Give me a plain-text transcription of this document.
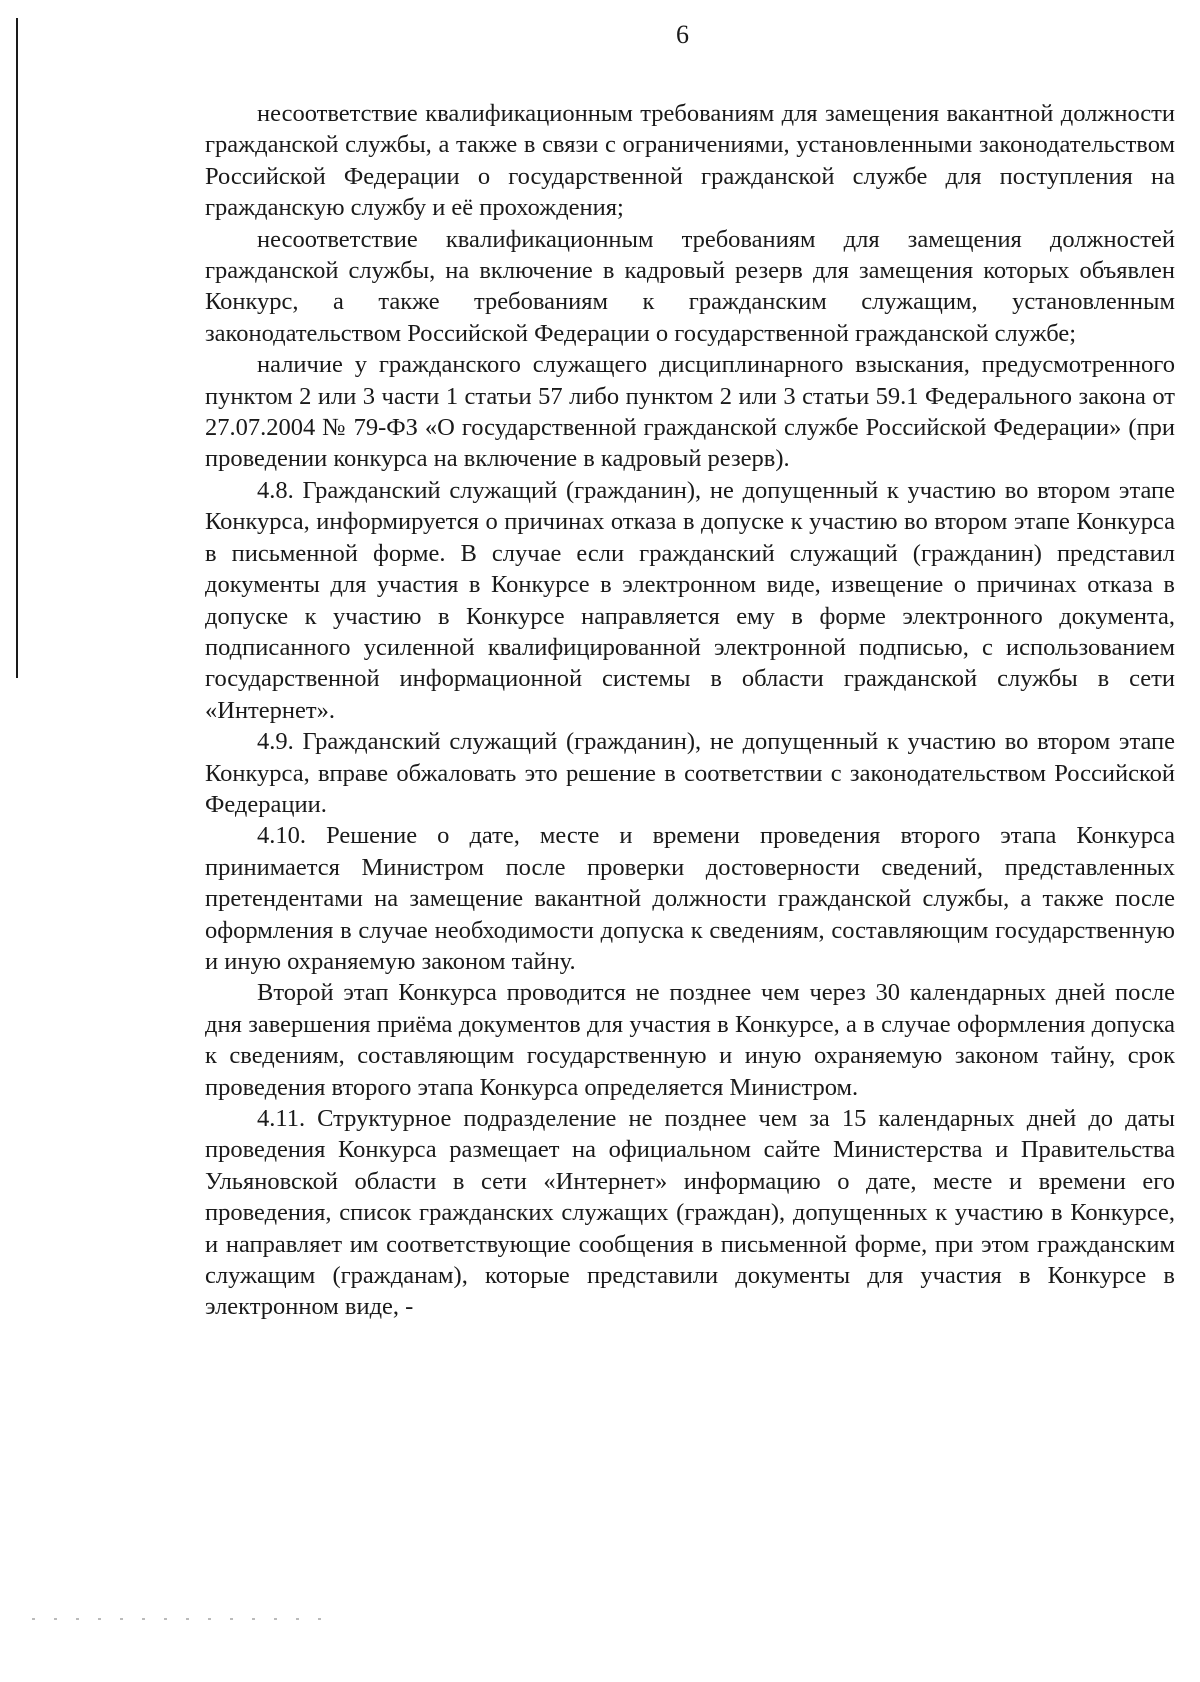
6

несоответствие квалификационным требованиям для замещения вакантной должности гражданской службы, а также в связи с ограничениями, установленными законодательством Российской Федерации о государственной гражданской службе для поступления на гражданскую службу и её прохождения;

несоответствие квалификационным требованиям для замещения должностей гражданской службы, на включение в кадровый резерв для замещения которых объявлен Конкурс, а также требованиям к гражданским служащим, установленным законодательством Российской Федерации о государственной гражданской службе;

наличие у гражданского служащего дисциплинарного взыскания, предусмотренного пунктом 2 или 3 части 1 статьи 57 либо пунктом 2 или 3 статьи 59.1 Федерального закона от 27.07.2004 № 79-ФЗ «О государственной гражданской службе Российской Федерации» (при проведении конкурса на включение в кадровый резерв).

4.8. Гражданский служащий (гражданин), не допущенный к участию во втором этапе Конкурса, информируется о причинах отказа в допуске к участию во втором этапе Конкурса в письменной форме. В случае если гражданский служащий (гражданин) представил документы для участия в Конкурсе в электронном виде, извещение о причинах отказа в допуске к участию в Конкурсе направляется ему в форме электронного документа, подписанного усиленной квалифицированной электронной подписью, с использованием государственной информационной системы в области гражданской службы в сети «Интернет».

4.9. Гражданский служащий (гражданин), не допущенный к участию во втором этапе Конкурса, вправе обжаловать это решение в соответствии с законодательством Российской Федерации.

4.10. Решение о дате, месте и времени проведения второго этапа Конкурса принимается Министром после проверки достоверности сведений, представленных претендентами на замещение вакантной должности гражданской службы, а также после оформления в случае необходимости допуска к сведениям, составляющим государственную и иную охраняемую законом тайну.

Второй этап Конкурса проводится не позднее чем через 30 календарных дней после дня завершения приёма документов для участия в Конкурсе, а в случае оформления допуска к сведениям, составляющим государственную и иную охраняемую законом тайну, срок проведения второго этапа Конкурса определяется Министром.

4.11. Структурное подразделение не позднее чем за 15 календарных дней до даты проведения Конкурса размещает на официальном сайте Министерства и Правительства Ульяновской области в сети «Интернет» информацию о дате, месте и времени его проведения, список гражданских служащих (граждан), допущенных к участию в Конкурсе, и направляет им соответствующие сообщения в письменной форме, при этом гражданским служащим (гражданам), которые представили документы для участия в Конкурсе в электронном виде, -
